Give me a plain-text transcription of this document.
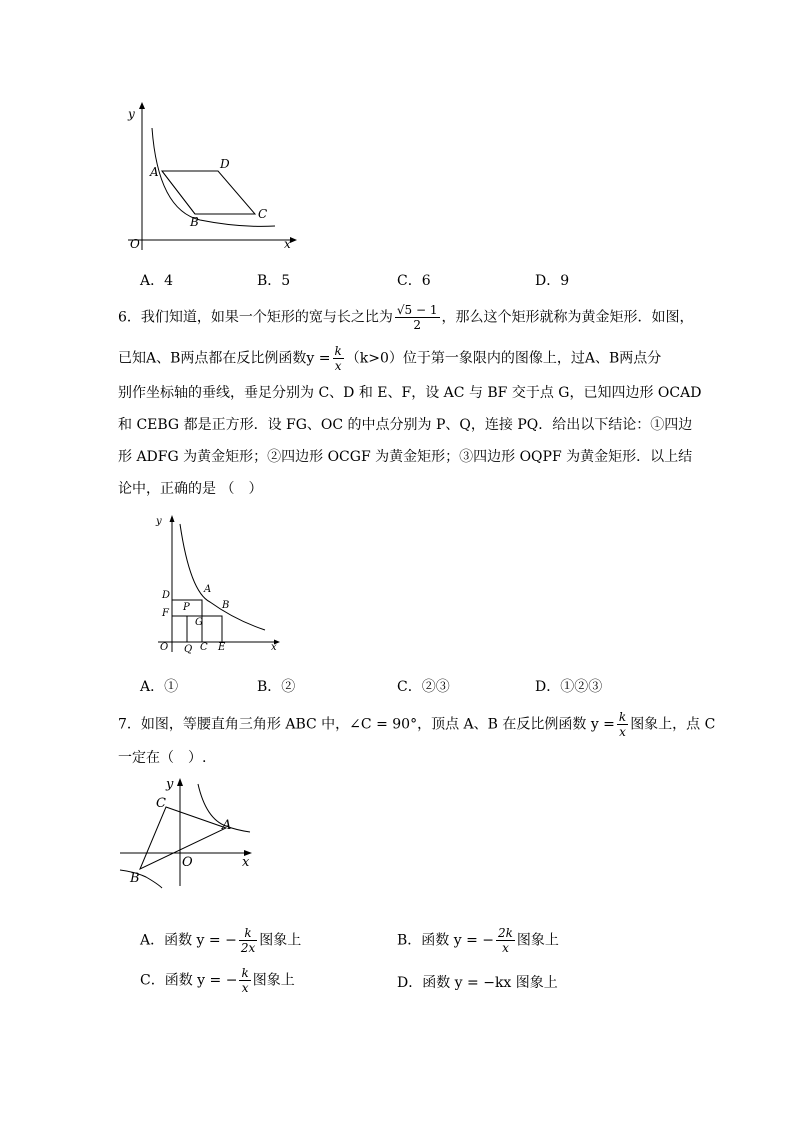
y
x
O
A
D
B
C
A．4	B．5	C．6	D．9
6．我们知道，如果一个矩形的宽与长之比为 $\frac{√5 - 1}{2}$ ，那么这个矩形就称为黄金矩形．如图，
已知A、B两点都在反比例函数$y = \frac{k}{x} (k>0)$位于第一象限内的图像上，过A、B两点分
别作坐标轴的垂线，垂足分别为 C、D 和 E、F，设 AC 与 BF 交于点 G，已知四边形 OCAD
和 CEBG 都是正方形．设 FG、OC 的中点分别为 P、Q，连接 PQ．给出以下结论：①四边
形 ADFG 为黄金矩形；②四边形 OCGF 为黄金矩形；③四边形 OQPF 为黄金矩形．以上结
论中，正确的是 （　）
y
x
O
D
F
A
B
P
G
Q C E
A．①	B．②	C．②③	D．①②③
7．如图，等腰直角三角形 ABC 中，∠C = 90°，顶点 A、B 在反比例函数 $y = \frac{k}{x}$ 图象上，点 C
一定在（　）.
y
x
O
C
A
B
A．函数 y = − $\frac{k}{2x}$ 图象上	B．函数 y = − $\frac{2k}{x}$ 图象上
C．函数 y = − $\frac{k}{x}$ 图象上	D．函数 y = −kx 图象上
